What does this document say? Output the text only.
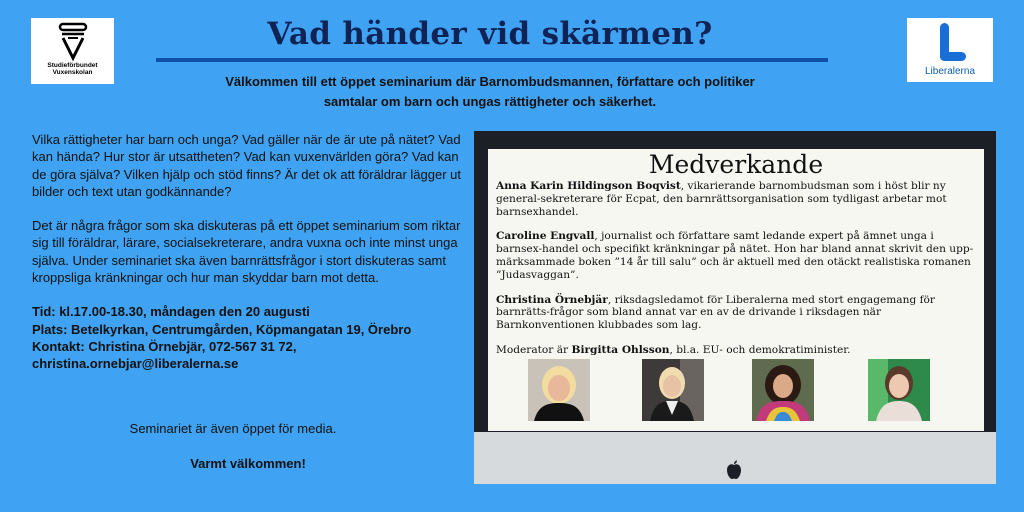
Studieförbundet Vuxenskolan	Liberalerna
Vad händer vid skärmen?
Välkommen till ett öppet seminarium där Barnombudsmannen, författare och politiker samtalar om barn och ungas rättigheter och säkerhet.

Vilka rättigheter har barn och unga? Vad gäller när de är ute på nätet? Vad kan hända? Hur stor är utsattheten? Vad kan vuxenvärlden göra? Vad kan de göra själva? Vilken hjälp och stöd finns? Är det ok att föräldrar lägger ut bilder och text utan godkännande?

Det är några frågor som ska diskuteras på ett öppet seminarium som riktar sig till föräldrar, lärare, socialsekreterare, andra vuxna och inte minst unga själva. Under seminariet ska även barnrättsfrågor i stort diskuteras samt kroppsliga kränkningar och hur man skyddar barn mot detta.

Tid: kl.17.00-18.30, måndagen den 20 augusti
Plats: Betelkyrkan, Centrumgården, Köpmangatan 19, Örebro
Kontakt: Christina Örnebjär, 072-567 31 72,
christina.ornebjar@liberalerna.se
Seminariet är även öppet för media.
Varmt välkommen!
Medverkande

Anna Karin Hildingson Boqvist, vikarierande barnombudsman som i höst blir ny general-sekreterare för Ecpat, den barnrättsorganisation som tydligast arbetar mot barnsexhandel.

Caroline Engvall, journalist och författare samt ledande expert på ämnet unga i barnsex-handel och specifikt kränkningar på nätet. Hon har bland annat skrivit den upp-märksammade boken ”14 år till salu” och är aktuell med den otäckt realistiska romanen ”Judasvaggan”.

Christina Örnebjär, riksdagsledamot för Liberalerna med stort engagemang för barnrätts-frågor som bland annat var en av de drivande i riksdagen när Barnkonventionen klubbades som lag.

Moderator är Birgitta Ohlsson, bl.a. EU- och demokratiminister.
